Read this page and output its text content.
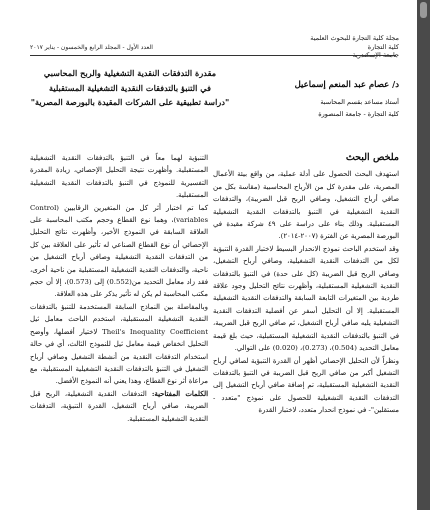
مجلة كلية التجارة للبحوث العلمية
كلية التجارة
جامعة الإسكندرية
العدد الأول - المجلد الرابع والخمسون - يناير ٢٠١٧
د/ عصام عبد المنعم إسماعيل
أستاذ مساعد بقسم المحاسبة
كلية التجارة - جامعة المنصورة
مقدرة التدفقات النقدية التشغيلية والربح المحاسبي
في التنبؤ بالتدفقات النقدية التشغيلية المستقبلية
"دراسة تطبيقية على الشركات المقيدة بالبورصة المصرية"
ملخص البحث

استهدف البحث الحصول على أدلة عملية، من واقع بيئة الأعمال المصرية، على مقدرة كل من الأرباح المحاسبية (مقاسة بكل من صافي أرباح التشغيل، وصافي الربح قبل الضريبة)، والتدفقات النقدية التشغيلية في التنبؤ بالتدفقات النقدية التشغيلية المستقبلية. وذلك بناء على دراسة على ٤٩ شركة مقيدة في البورصة المصرية عن الفترة (٢٠٠٧-٢٠١٤).

وقد استخدم الباحث نموذج الانحدار البسيط لاختبار القدرة التنبؤية لكل من التدفقات النقدية التشغيلية، وصافي أرباح التشغيل، وصافي الربح قبل الضريبة (كل على حدة) في التنبؤ بالتدفقات النقدية التشغيلية المستقبلية، وأظهرت نتائج التحليل وجود علاقة طردية بين المتغيرات التابعة السابقة والتدفقات النقدية التشغيلية المستقبلية. إلا أن التحليل أسفر عن أفضلية التدفقات النقدية التشغيلية يليه صافي أرباح التشغيل، ثم صافي الربح قبل الضريبة، في التنبؤ بالتدفقات النقدية التشغيلية المستقبلية، حيث بلغ قيمة معامل التحديد (0.504)، (0.273)، (0.020) على التوالي.

ونظراً لأن التحليل الإحصائي أظهر أن القدرة التنبؤية لصافي أرباح التشغيل أكبر من صافي الربح قبل الضريبة في التنبؤ بالتدفقات النقدية التشغيلية المستقبلية، تم إضافة صافي أرباح التشغيل إلى التدفقات النقدية التشغيلية للحصول على نموذج "متعدد - مستقلين"- في نموذج انحدار متعدد، لاختبار القدرة

التنبؤية لهما معاً في التنبؤ بالتدفقات النقدية التشغيلية المستقبلية. وأظهرت نتيجة التحليل الإحصائي، زيادة المقدرة التفسيرية للنموذج في التنبؤ بالتدفقات النقدية التشغيلية المستقبلية.

كما تم اختبار أثر كل من المتغيرين الرقابيين (Control variables)، وهما نوع القطاع وحجم مكتب المحاسبة على العلاقة السابقة في النموذج الأخير، وأظهرت نتائج التحليل الإحصائي أن نوع القطاع الصناعي له تأثير على العلاقة بين كل من التدفقات النقدية التشغيلية وصافي أرباح التشغيل من ناحية، والتدفقات النقدية التشغيلية المستقبلية من ناحية أخرى، فقد زاد معامل التحديد من(0.552) إلى (0.573)، إلا أن حجم مكتب المحاسبة لم يكن له تأثير يذكر على هذه العلاقة.

وبالمفاضلة بين النماذج السابقة المستخدمة للتنبؤ بالتدفقات النقدية التشغيلية المستقبلية، استخدم الباحث معامل ثيل Theil's Inequality Coefficient لاختيار أفضلها، وأوضح التحليل انخفاض قيمة معامل ثيل للنموذج الثالث، أي في حالة استخدام التدفقات النقدية من أنشطة التشغيل وصافي أرباح التشغيل في التنبؤ بالتدفقات النقدية التشغيلية المستقبلية، مع مراعاة أثر نوع القطاع، وهذا يعني أنه النموذج الأفضل.

الكلمات المفتاحية: التدفقات النقدية التشغيلية، الربح قبل الضريبة، صافي أرباح التشغيل، القدرة التنبؤية، التدفقات النقدية التشغيلية المستقبلية.
